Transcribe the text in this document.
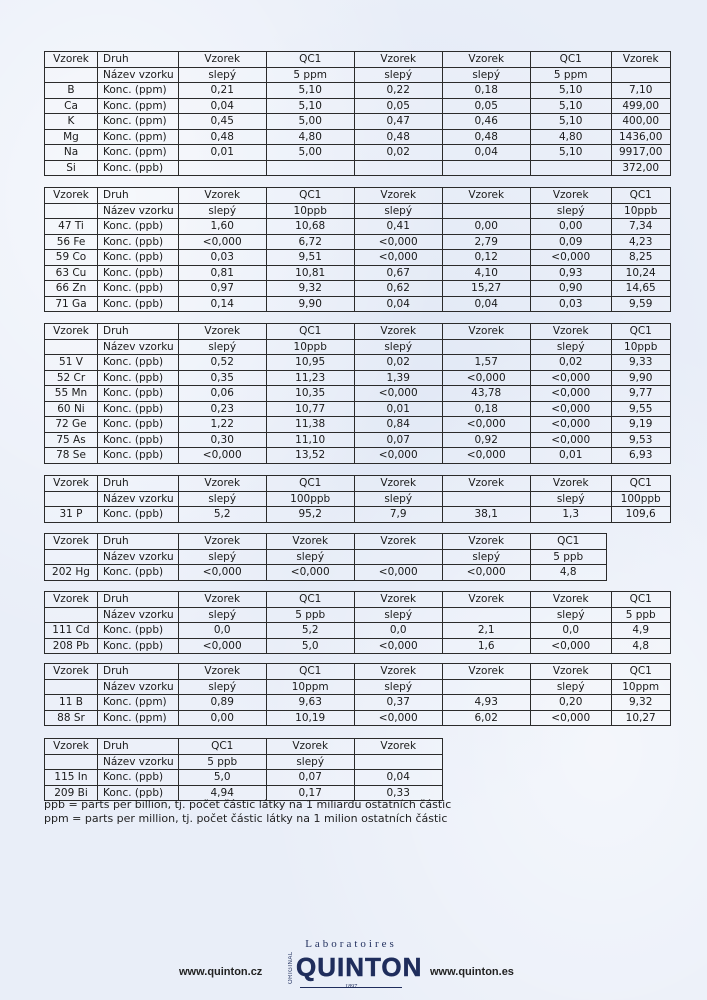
Vzorek	Druh	Vzorek	QC1	Vzorek	Vzorek	QC1	Vzorek
	Název vzorku	slepý	5 ppm	slepý	slepý	5 ppm	
B	Konc. (ppm)	0,21	5,10	0,22	0,18	5,10	7,10
Ca	Konc. (ppm)	0,04	5,10	0,05	0,05	5,10	499,00
K	Konc. (ppm)	0,45	5,00	0,47	0,46	5,10	400,00
Mg	Konc. (ppm)	0,48	4,80	0,48	0,48	4,80	1436,00
Na	Konc. (ppm)	0,01	5,00	0,02	0,04	5,10	9917,00
Si	Konc. (ppb)						372,00
Vzorek	Druh	Vzorek	QC1	Vzorek	Vzorek	Vzorek	QC1
	Název vzorku	slepý	10ppb	slepý		slepý	10ppb
47 Ti	Konc. (ppb)	1,60	10,68	0,41	0,00	0,00	7,34
56 Fe	Konc. (ppb)	<0,000	6,72	<0,000	2,79	0,09	4,23
59 Co	Konc. (ppb)	0,03	9,51	<0,000	0,12	<0,000	8,25
63 Cu	Konc. (ppb)	0,81	10,81	0,67	4,10	0,93	10,24
66 Zn	Konc. (ppb)	0,97	9,32	0,62	15,27	0,90	14,65
71 Ga	Konc. (ppb)	0,14	9,90	0,04	0,04	0,03	9,59
Vzorek	Druh	Vzorek	QC1	Vzorek	Vzorek	Vzorek	QC1
	Název vzorku	slepý	10ppb	slepý		slepý	10ppb
51 V	Konc. (ppb)	0,52	10,95	0,02	1,57	0,02	9,33
52 Cr	Konc. (ppb)	0,35	11,23	1,39	<0,000	<0,000	9,90
55 Mn	Konc. (ppb)	0,06	10,35	<0,000	43,78	<0,000	9,77
60 Ni	Konc. (ppb)	0,23	10,77	0,01	0,18	<0,000	9,55
72 Ge	Konc. (ppb)	1,22	11,38	0,84	<0,000	<0,000	9,19
75 As	Konc. (ppb)	0,30	11,10	0,07	0,92	<0,000	9,53
78 Se	Konc. (ppb)	<0,000	13,52	<0,000	<0,000	0,01	6,93
Vzorek	Druh	Vzorek	QC1	Vzorek	Vzorek	Vzorek	QC1
	Název vzorku	slepý	100ppb	slepý		slepý	100ppb
31 P	Konc. (ppb)	5,2	95,2	7,9	38,1	1,3	109,6
Vzorek	Druh	Vzorek	Vzorek	Vzorek	Vzorek	QC1
	Název vzorku	slepý	slepý		slepý	5 ppb
202 Hg	Konc. (ppb)	<0,000	<0,000	<0,000	<0,000	4,8
Vzorek	Druh	Vzorek	QC1	Vzorek	Vzorek	Vzorek	QC1
	Název vzorku	slepý	5 ppb	slepý		slepý	5 ppb
111 Cd	Konc. (ppb)	0,0	5,2	0,0	2,1	0,0	4,9
208 Pb	Konc. (ppb)	<0,000	5,0	<0,000	1,6	<0,000	4,8
Vzorek	Druh	Vzorek	QC1	Vzorek	Vzorek	Vzorek	QC1
	Název vzorku	slepý	10ppm	slepý		slepý	10ppm
11 B	Konc. (ppm)	0,89	9,63	0,37	4,93	0,20	9,32
88 Sr	Konc. (ppm)	0,00	10,19	<0,000	6,02	<0,000	10,27
Vzorek	Druh	QC1	Vzorek	Vzorek
	Název vzorku	5 ppb	slepý	
115 In	Konc. (ppb)	5,0	0,07	0,04
209 Bi	Konc. (ppb)	4,94	0,17	0,33
ppb = parts per billion, tj. počet částic látky na 1 miliardu ostatních částic
ppm = parts per million, tj. počet částic látky na 1 milion ostatních částic
www.quinton.cz
Laboratoires
ORIGINAL QUINTON
1897
www.quinton.es
